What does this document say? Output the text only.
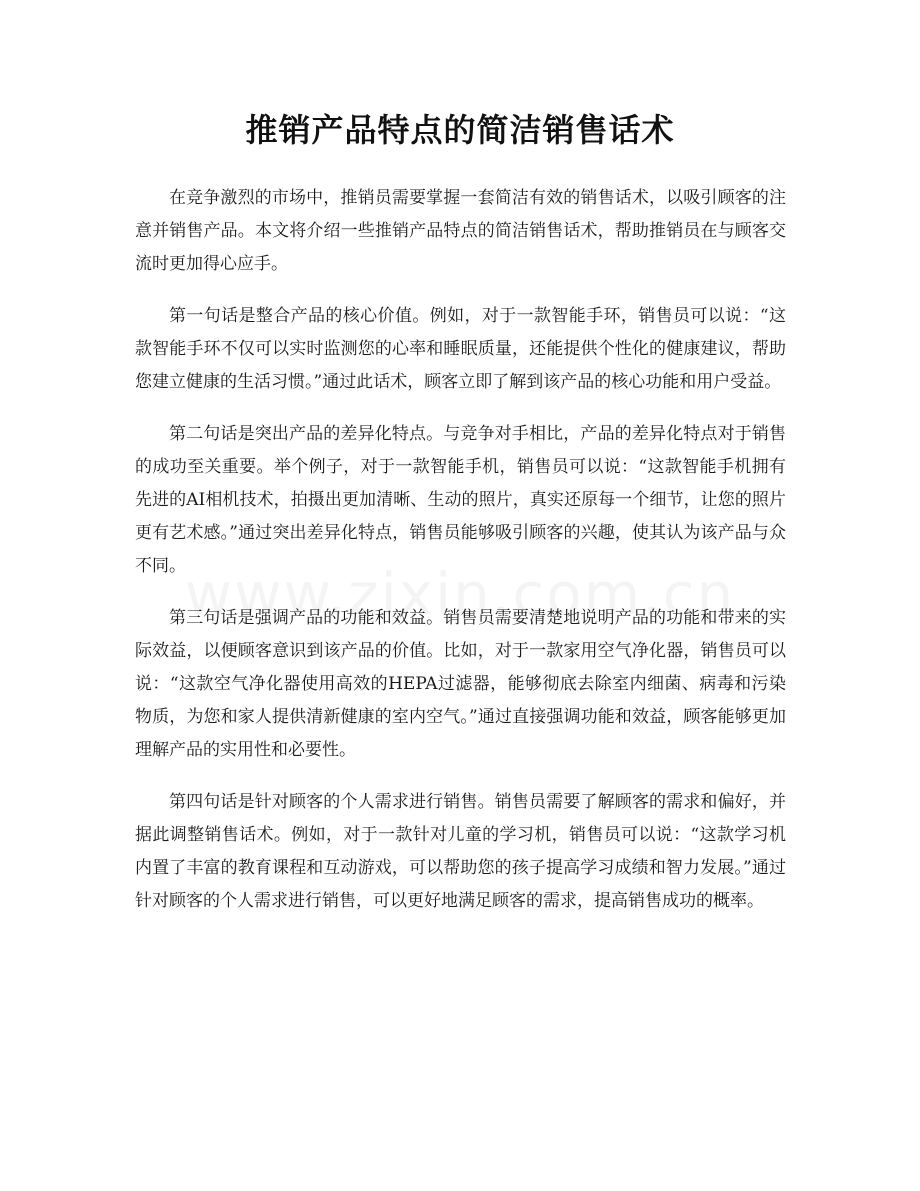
推销产品特点的简洁销售话术

在竞争激烈的市场中，推销员需要掌握一套简洁有效的销售话术，以吸引顾客的注意并销售产品。本文将介绍一些推销产品特点的简洁销售话术，帮助推销员在与顾客交流时更加得心应手。

第一句话是整合产品的核心价值。例如，对于一款智能手环，销售员可以说：“这款智能手环不仅可以实时监测您的心率和睡眠质量，还能提供个性化的健康建议，帮助您建立健康的生活习惯。”通过此话术，顾客立即了解到该产品的核心功能和用户受益。

第二句话是突出产品的差异化特点。与竞争对手相比，产品的差异化特点对于销售的成功至关重要。举个例子，对于一款智能手机，销售员可以说：“这款智能手机拥有先进的AI相机技术，拍摄出更加清晰、生动的照片，真实还原每一个细节，让您的照片更有艺术感。”通过突出差异化特点，销售员能够吸引顾客的兴趣，使其认为该产品与众不同。

第三句话是强调产品的功能和效益。销售员需要清楚地说明产品的功能和带来的实际效益，以便顾客意识到该产品的价值。比如，对于一款家用空气净化器，销售员可以说：“这款空气净化器使用高效的HEPA过滤器，能够彻底去除室内细菌、病毒和污染物质，为您和家人提供清新健康的室内空气。”通过直接强调功能和效益，顾客能够更加理解产品的实用性和必要性。

第四句话是针对顾客的个人需求进行销售。销售员需要了解顾客的需求和偏好，并据此调整销售话术。例如，对于一款针对儿童的学习机，销售员可以说：“这款学习机内置了丰富的教育课程和互动游戏，可以帮助您的孩子提高学习成绩和智力发展。”通过针对顾客的个人需求进行销售，可以更好地满足顾客的需求，提高销售成功的概率。
